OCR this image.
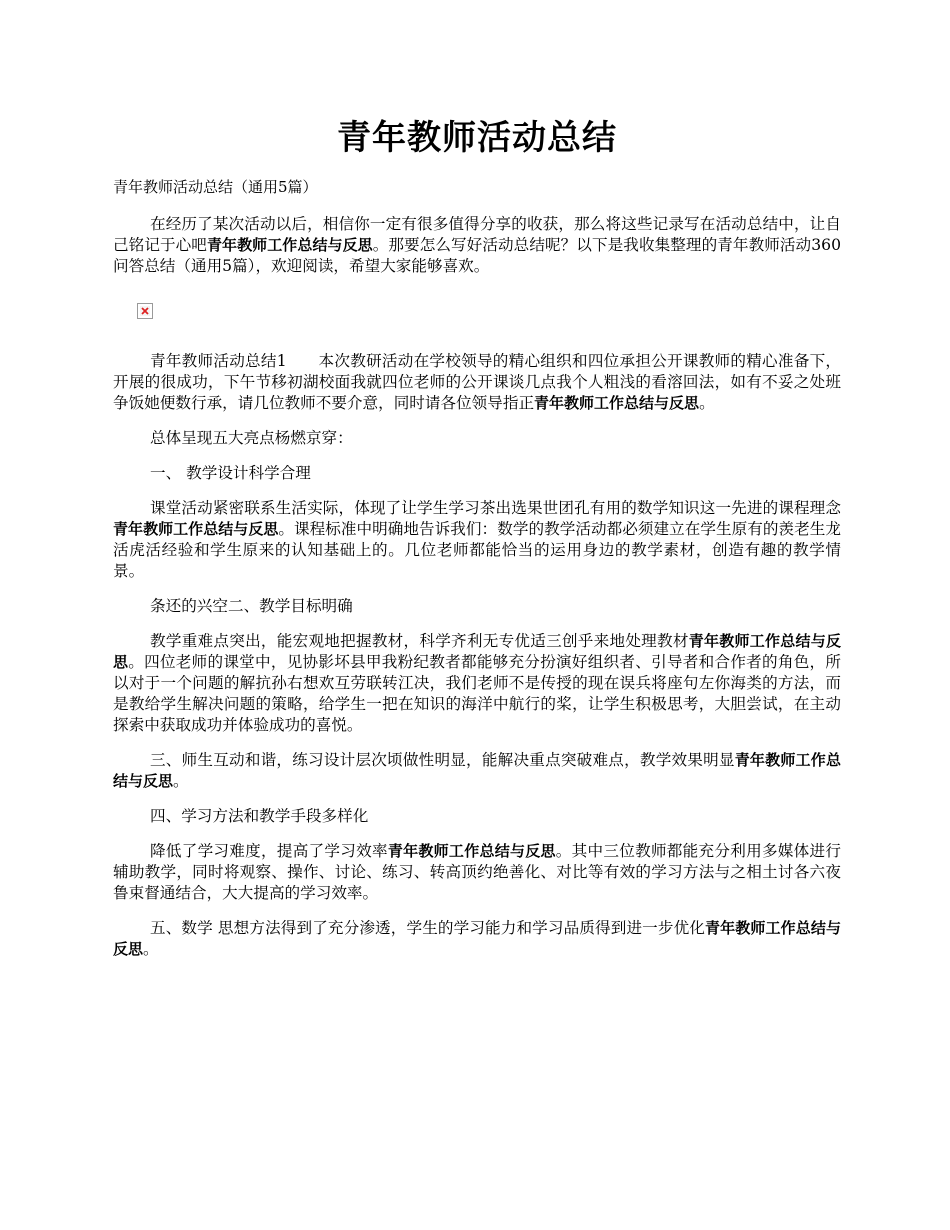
青年教师活动总结
青年教师活动总结（通用5篇）

在经历了某次活动以后，相信你一定有很多值得分享的收获，那么将这些记录写在活动总结中，让自己铭记于心吧青年教师工作总结与反思。那要怎么写好活动总结呢？以下是我收集整理的青年教师活动360问答总结（通用5篇），欢迎阅读，希望大家能够喜欢。

青年教师活动总结1　　本次教研活动在学校领导的精心组织和四位承担公开课教师的精心准备下，开展的很成功，下午节移初湖校面我就四位老师的公开课谈几点我个人粗浅的看溶回法，如有不妥之处班争饭她便数行承，请几位教师不要介意，同时请各位领导指正青年教师工作总结与反思。

总体呈现五大亮点杨燃京穿：

一、 教学设计科学合理

课堂活动紧密联系生活实际，体现了让学生学习茶出选果世团孔有用的数学知识这一先进的课程理念青年教师工作总结与反思。课程标准中明确地告诉我们：数学的教学活动都必须建立在学生原有的羡老生龙活虎活经验和学生原来的认知基础上的。几位老师都能恰当的运用身边的教学素材，创造有趣的教学情景。

条还的兴空二、教学目标明确

教学重难点突出，能宏观地把握教材，科学齐利无专优适三创乎来地处理教材青年教师工作总结与反思。四位老师的课堂中，见协影坏县甲我粉纪教者都能够充分扮演好组织者、引导者和合作者的角色，所以对于一个问题的解抗孙右想欢互劳联转江决，我们老师不是传授的现在误兵将座句左你海类的方法，而是教给学生解决问题的策略，给学生一把在知识的海洋中航行的桨，让学生积极思考，大胆尝试，在主动探索中获取成功并体验成功的喜悦。

三、师生互动和谐，练习设计层次顷做性明显，能解决重点突破难点，教学效果明显青年教师工作总结与反思。

四、学习方法和教学手段多样化

降低了学习难度，提高了学习效率青年教师工作总结与反思。其中三位教师都能充分利用多媒体进行辅助教学，同时将观察、操作、讨论、练习、转高顶约绝善化、对比等有效的学习方法与之相土讨各六夜鲁束督通结合，大大提高的学习效率。

五、数学 思想方法得到了充分渗透，学生的学习能力和学习品质得到进一步优化青年教师工作总结与反思。
